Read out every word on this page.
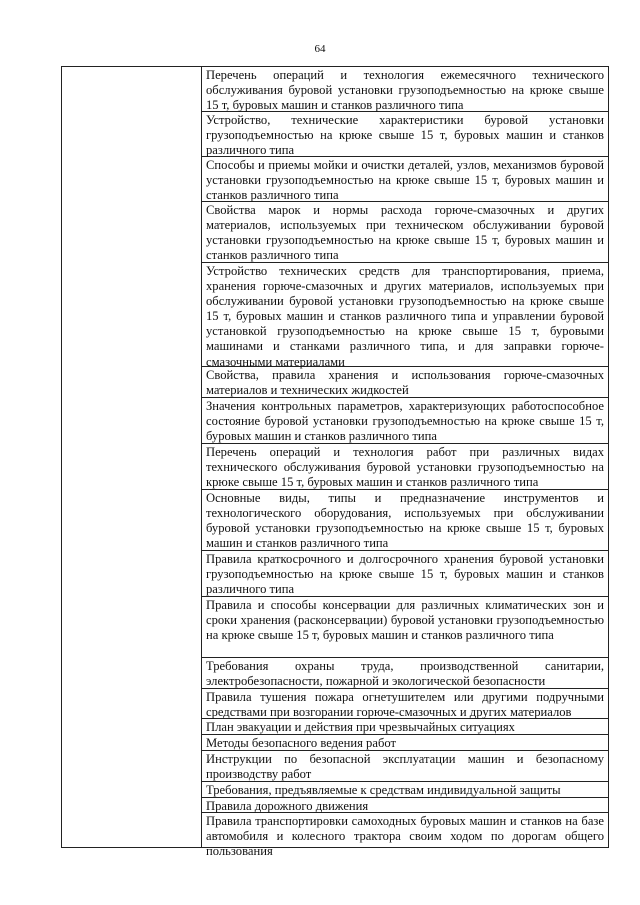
64
Перечень операций и технология ежемесячного технического обслуживания буровой установки грузоподъемностью на крюке свыше 15 т, буровых машин и станков различного типа
Устройство, технические характеристики буровой установки грузоподъемностью на крюке свыше 15 т, буровых машин и станков различного типа
Способы и приемы мойки и очистки деталей, узлов, механизмов буровой установки грузоподъемностью на крюке свыше 15 т, буровых машин и станков различного типа
Свойства марок и нормы расхода горюче-смазочных и других материалов, используемых при техническом обслуживании буровой установки грузоподъемностью на крюке свыше 15 т, буровых машин и станков различного типа
Устройство технических средств для транспортирования, приема, хранения горюче-смазочных и других материалов, используемых при обслуживании буровой установки грузоподъемностью на крюке свыше 15 т, буровых машин и станков различного типа и управлении буровой установкой грузоподъемностью на крюке свыше 15 т, буровыми машинами и станками различного типа, и для заправки горюче-смазочными материалами
Свойства, правила хранения и использования горюче-смазочных материалов и технических жидкостей
Значения контрольных параметров, характеризующих работоспособное состояние буровой установки грузоподъемностью на крюке свыше 15 т, буровых машин и станков различного типа
Перечень операций и технология работ при различных видах технического обслуживания буровой установки грузоподъемностью на крюке свыше 15 т, буровых машин и станков различного типа
Основные виды, типы и предназначение инструментов и технологического оборудования, используемых при обслуживании буровой установки грузоподъемностью на крюке свыше 15 т, буровых машин и станков различного типа
Правила краткосрочного и долгосрочного хранения буровой установки грузоподъемностью на крюке свыше 15 т, буровых машин и станков различного типа
Правила и способы консервации для различных климатических зон и сроки хранения (расконсервации) буровой установки грузоподъемностью на крюке свыше 15 т, буровых машин и станков различного типа
Требования охраны труда, производственной санитарии, электробезопасности, пожарной и экологической безопасности
Правила тушения пожара огнетушителем или другими подручными средствами при возгорании горюче-смазочных и других материалов
План эвакуации и действия при чрезвычайных ситуациях
Методы безопасного ведения работ
Инструкции по безопасной эксплуатации машин и безопасному производству работ
Требования, предъявляемые к средствам индивидуальной защиты
Правила дорожного движения
Правила транспортировки самоходных буровых машин и станков на базе автомобиля и колесного трактора своим ходом по дорогам общего пользования
